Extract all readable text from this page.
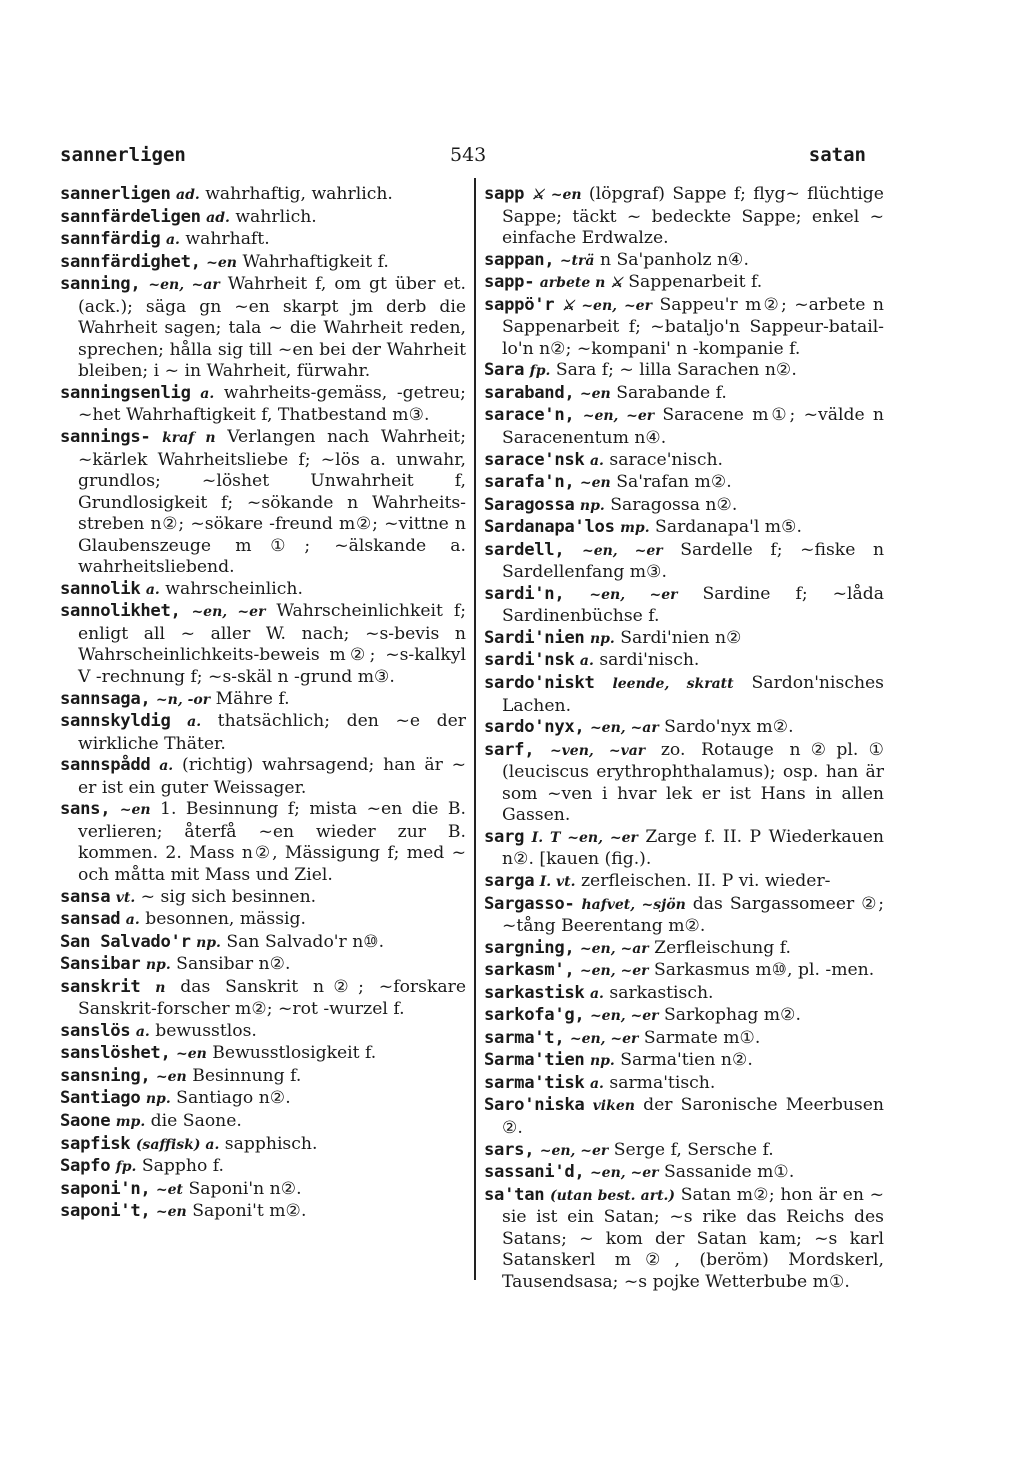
sannerligen	543	satan

sannerligen ad. wahrhaftig, wahrlich.

sannfärdeligen ad. wahrlich.

sannfärdig a. wahrhaft.

sannfärdighet, ~en Wahrhaftigkeit f.

sanning, ~en, ~ar Wahrheit f, om gt über et. (ack.); säga gn ~en skarpt jm derb die Wahrheit sagen; tala ~ die Wahrheit reden, sprechen; hålla sig till ~en bei der Wahrheit bleiben; i ~ in Wahrheit, fürwahr.

sanningsenlig a. wahrheits-gemäss, -getreu; ~het Wahrhaftigkeit f, Thatbestand m③.

sannings- kraf n Verlangen nach Wahrheit; ~kärlek Wahrheitsliebe f; ~lös a. unwahr, grundlos; ~löshet Unwahrheit f, Grundlosigkeit f; ~sökande n Wahrheits-streben n②; ~sökare -freund m②; ~vittne n Glaubenszeuge m①; ~älskande a. wahrheitsliebend.

sannolik a. wahrscheinlich.

sannolikhet, ~en, ~er Wahrscheinlichkeit f; enligt all ~ aller W. nach; ~s-bevis n Wahrscheinlichkeits-beweis m②; ~s-kalkyl V -rechnung f; ~s-skäl n -grund m③.

sannsaga, ~n, -or Mähre f.

sannskyldig a. thatsächlich; den ~e der wirkliche Thäter.

sannspådd a. (richtig) wahrsagend; han är ~ er ist ein guter Weissager.

sans, ~en 1. Besinnung f; mista ~en die B. verlieren; återfå ~en wieder zur B. kommen. 2. Mass n②, Mässigung f; med ~ och måtta mit Mass und Ziel.

sansa vt. ~ sig sich besinnen.

sansad a. besonnen, mässig.

San Salvado'r np. San Salvado'r n⑩.

Sansibar np. Sansibar n②.

sanskrit n das Sanskrit n②; ~forskare Sanskrit-forscher m②; ~rot -wurzel f.

sanslös a. bewusstlos.

sanslöshet, ~en Bewusstlosigkeit f.

sansning, ~en Besinnung f.

Santiago np. Santiago n②.

Saone mp. die Saone.

sapfisk (saffisk) a. sapphisch.

Sapfo fp. Sappho f.

saponi'n, ~et Saponi'n n②.

saponi't, ~en Saponi't m②.

sapp ⚔ ~en (löpgraf) Sappe f; flyg~ flüchtige Sappe; täckt ~ bedeckte Sappe; enkel ~ einfache Erdwalze.

sappan, ~trä n Sa'panholz n④.

sapp- arbete n ⚔ Sappenarbeit f.

sappö'r ⚔ ~en, ~er Sappeu'r m②; ~arbete n Sappenarbeit f; ~bataljo'n Sappeur-batail-lo'n n②; ~kompani' n -kompanie f.

Sara fp. Sara f; ~ lilla Sarachen n②.

saraband, ~en Sarabande f.

sarace'n, ~en, ~er Saracene m①; ~välde n Saracenentum n④.

sarace'nsk a. sarace'nisch.

sarafa'n, ~en Sa'rafan m②.

Saragossa np. Saragossa n②.

Sardanapa'los mp. Sardanapa'l m⑤.

sardell, ~en, ~er Sardelle f; ~fiske n Sardellenfang m③.

sardi'n, ~en, ~er Sardine f; ~låda Sardinenbüchse f.

Sardi'nien np. Sardi'nien n②

sardi'nsk a. sardi'nisch.

sardo'niskt leende, skratt Sardon'nisches Lachen.

sardo'nyx, ~en, ~ar Sardo'nyx m②.

sarf, ~ven, ~var zo. Rotauge n②pl.① (leuciscus erythrophthalamus); osp. han är som ~ven i hvar lek er ist Hans in allen Gassen.

sarg I. T ~en, ~er Zarge f. II. P Wiederkauen n②. [kauen (fig.).

sarga I. vt. zerfleischen. II. P vi. wieder-

Sargasso- hafvet, ~sjön das Sargassomeer ②; ~tång Beerentang m②.

sargning, ~en, ~ar Zerfleischung f.

sarkasm', ~en, ~er Sarkasmus m⑩, pl. -men.

sarkastisk a. sarkastisch.

sarkofa'g, ~en, ~er Sarkophag m②.

sarma't, ~en, ~er Sarmate m①.

Sarma'tien np. Sarma'tien n②.

sarma'tisk a. sarma'tisch.

Saro'niska viken der Saronische Meerbusen ②.

sars, ~en, ~er Serge f, Sersche f.

sassani'd, ~en, ~er Sassanide m①.

sa'tan (utan best. art.) Satan m②; hon är en ~ sie ist ein Satan; ~s rike das Reichs des Satans; ~ kom der Satan kam; ~s karl Satanskerl m②, (beröm) Mordskerl, Tausendsasa; ~s pojke Wetterbube m①.
